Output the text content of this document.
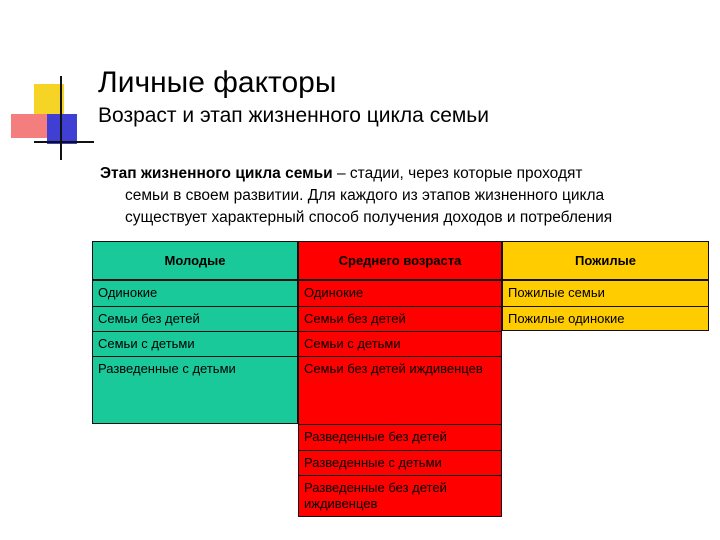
Личные факторы
Возраст и этап жизненного цикла семьи
Этап жизненного цикла семьи – стадии, через которые проходят
семьи в своем развитии. Для каждого из этапов жизненного цикла
существует характерный способ получения доходов и потребления
Молодые	Среднего возраста	Пожилые
Одинокие
Семьи без детей
Семьи с детьми
Разведенные с детьми
Одинокие
Семьи без детей
Семьи с детьми
Семьи без детей иждивенцев
Разведенные без детей
Разведенные с детьми
Разведенные без детей иждивенцев
Пожилые семьи
Пожилые одинокие
